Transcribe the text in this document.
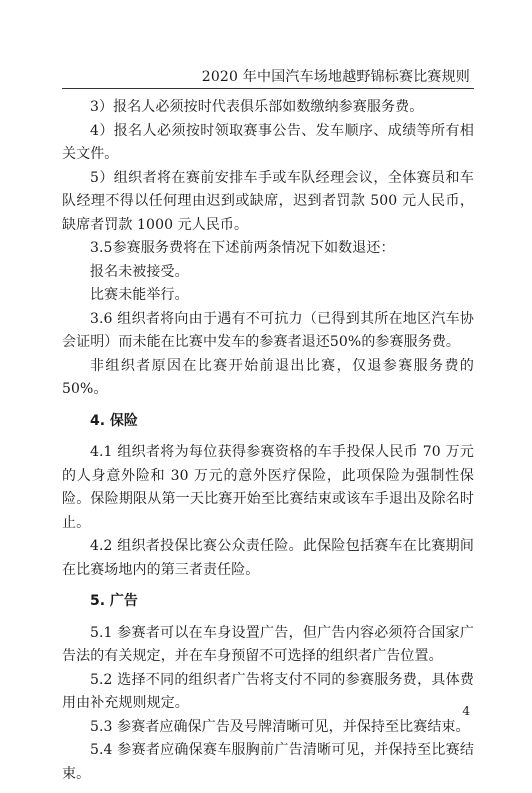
2020 年中国汽车场地越野锦标赛比赛规则

3）报名人必须按时代表俱乐部如数缴纳参赛服务费。

4）报名人必须按时领取赛事公告、发车顺序、成绩等所有相关文件。

5）组织者将在赛前安排车手或车队经理会议，全体赛员和车队经理不得以任何理由迟到或缺席，迟到者罚款 500 元人民币，缺席者罚款 1000 元人民币。

3.5参赛服务费将在下述前两条情况下如数退还：

报名未被接受。

比赛未能举行。

3.6 组织者将向由于遇有不可抗力（已得到其所在地区汽车协会证明）而未能在比赛中发车的参赛者退还50%的参赛服务费。

非组织者原因在比赛开始前退出比赛，仅退参赛服务费的50%。

4. 保险

4.1 组织者将为每位获得参赛资格的车手投保人民币 70 万元的人身意外险和 30 万元的意外医疗保险，此项保险为强制性保险。保险期限从第一天比赛开始至比赛结束或该车手退出及除名时止。

4.2 组织者投保比赛公众责任险。此保险包括赛车在比赛期间在比赛场地内的第三者责任险。

5. 广告

5.1 参赛者可以在车身设置广告，但广告内容必须符合国家广告法的有关规定，并在车身预留不可选择的组织者广告位置。

5.2 选择不同的组织者广告将支付不同的参赛服务费，具体费用由补充规则规定。

5.3 参赛者应确保广告及号牌清晰可见，并保持至比赛结束。

5.4 参赛者应确保赛车服胸前广告清晰可见，并保持至比赛结束。

4
